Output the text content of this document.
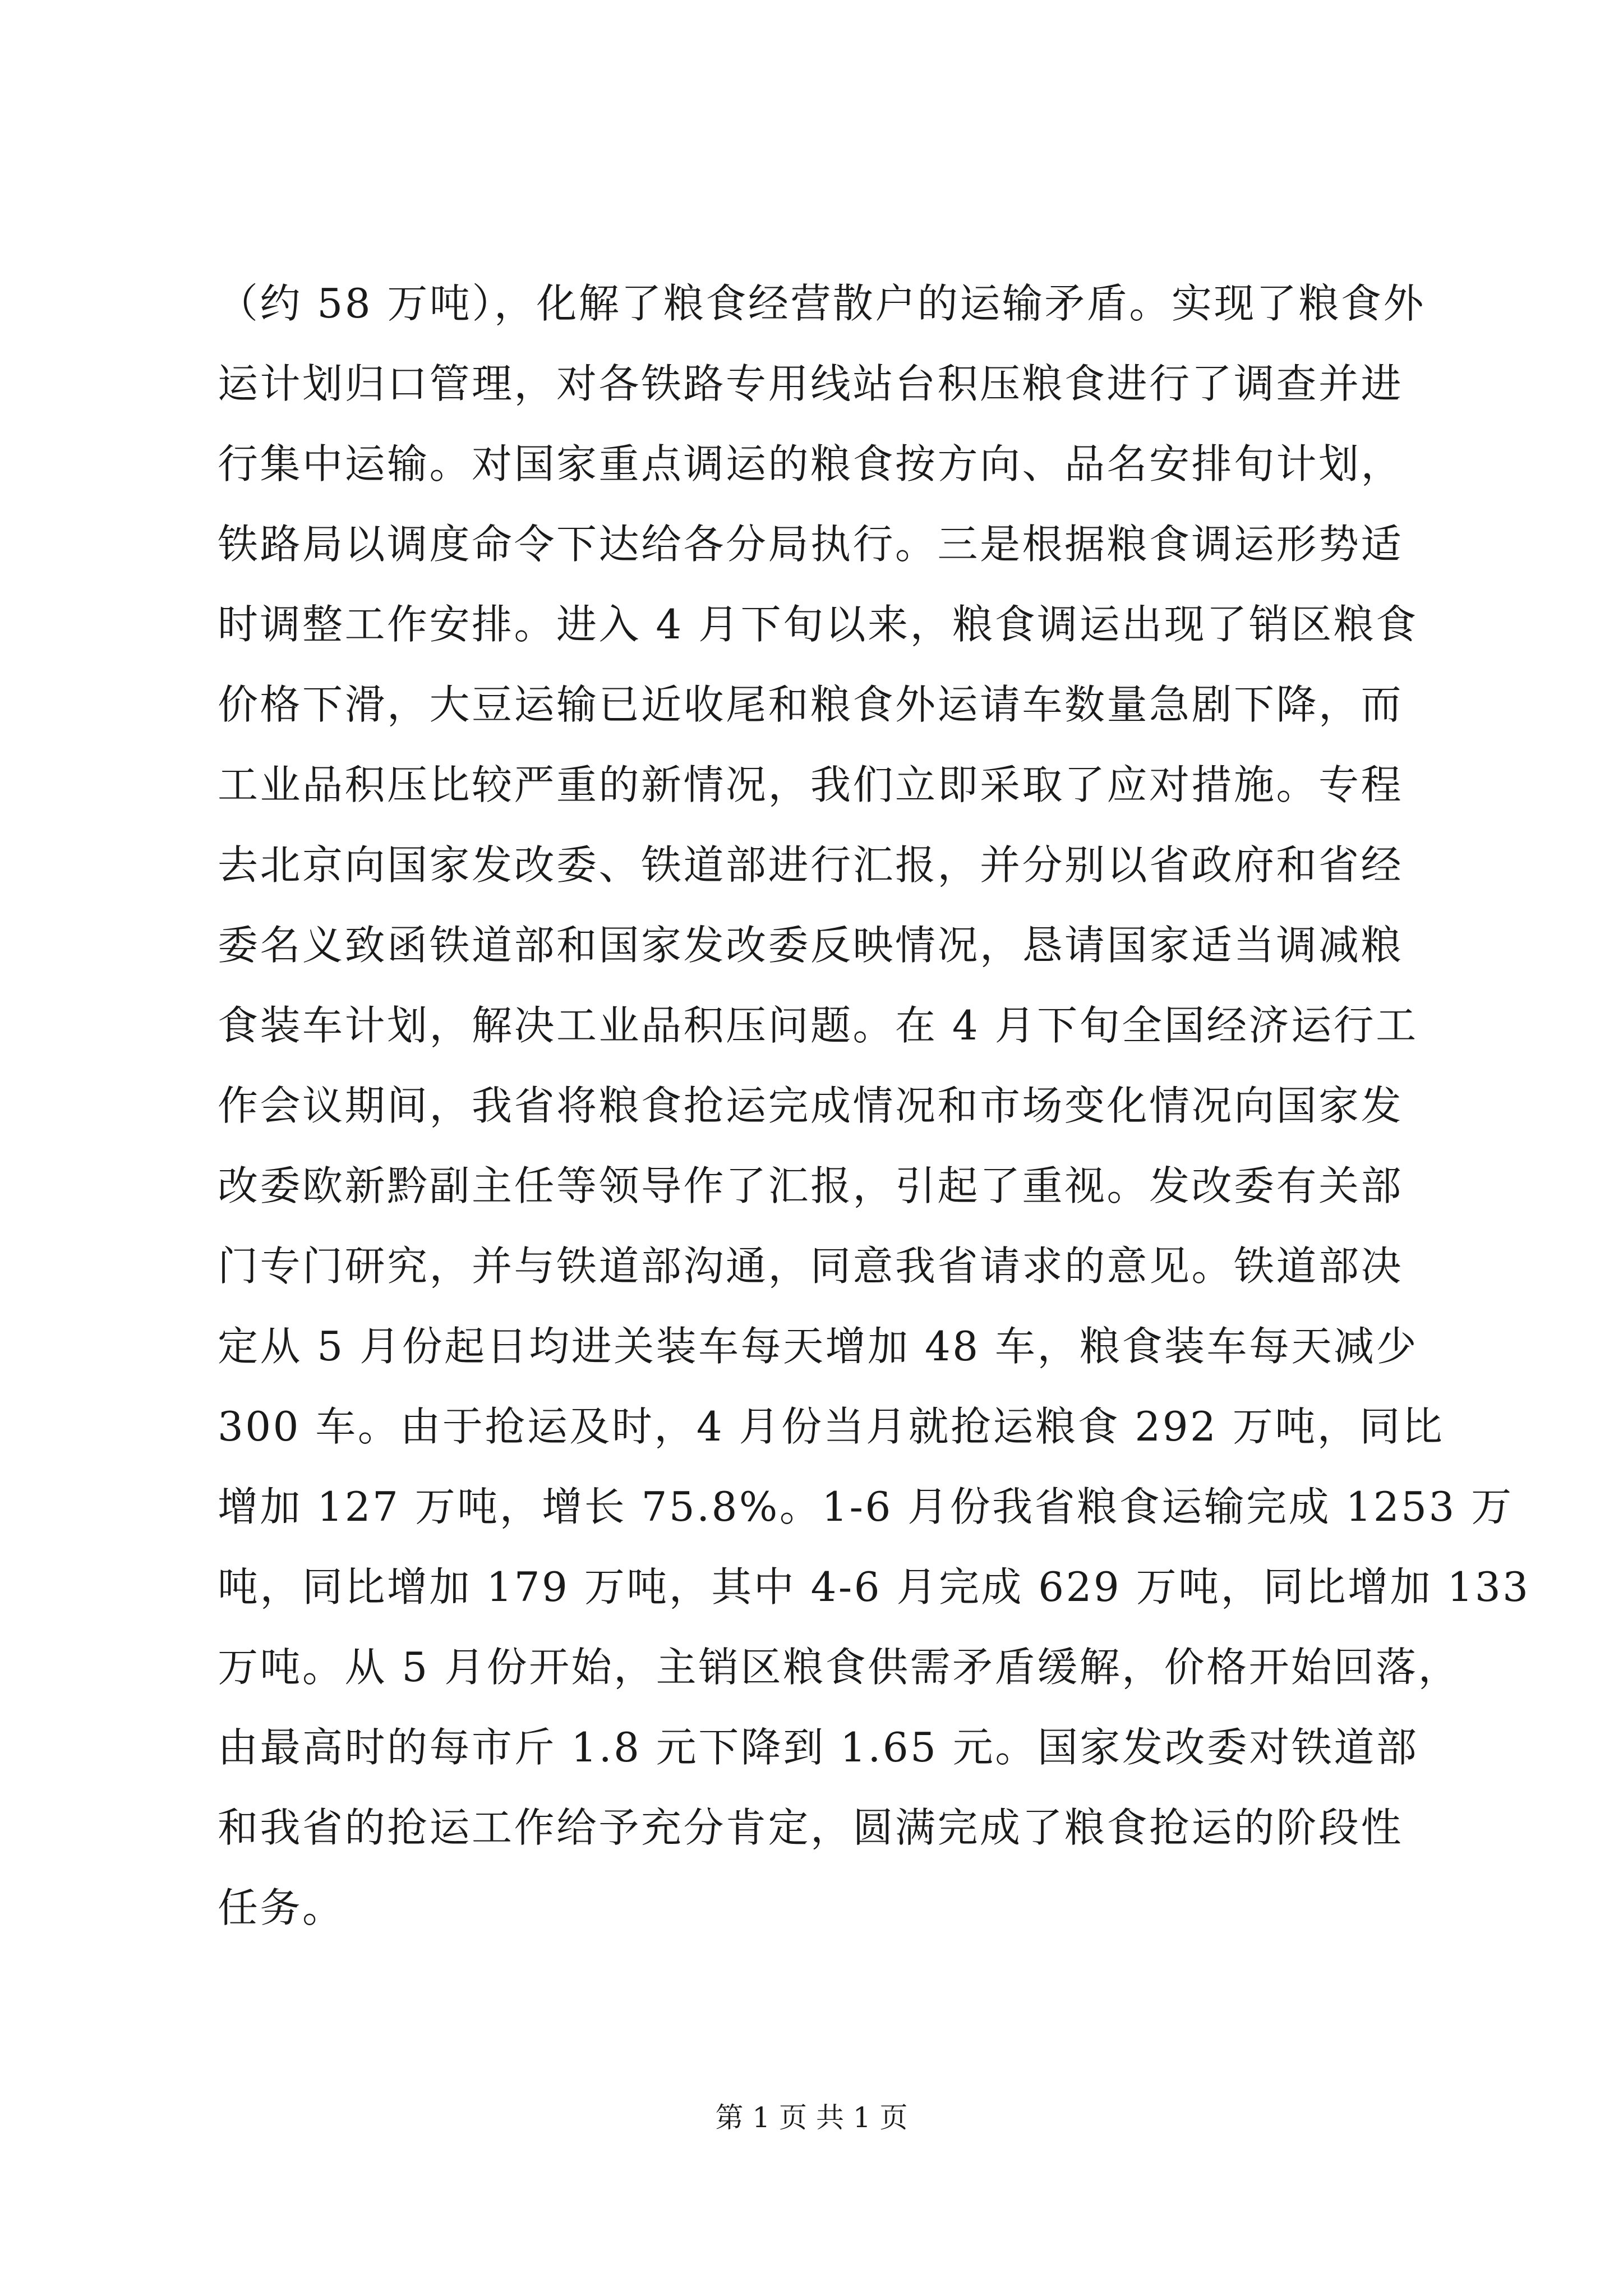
（约 58 万吨），化解了粮食经营散户的运输矛盾。实现了粮食外
运计划归口管理，对各铁路专用线站台积压粮食进行了调查并进
行集中运输。对国家重点调运的粮食按方向、品名安排旬计划，
铁路局以调度命令下达给各分局执行。三是根据粮食调运形势适
时调整工作安排。进入 4 月下旬以来，粮食调运出现了销区粮食
价格下滑，大豆运输已近收尾和粮食外运请车数量急剧下降，而
工业品积压比较严重的新情况，我们立即采取了应对措施。专程
去北京向国家发改委、铁道部进行汇报，并分别以省政府和省经
委名义致函铁道部和国家发改委反映情况，恳请国家适当调减粮
食装车计划，解决工业品积压问题。在 4 月下旬全国经济运行工
作会议期间，我省将粮食抢运完成情况和市场变化情况向国家发
改委欧新黔副主任等领导作了汇报，引起了重视。发改委有关部
门专门研究，并与铁道部沟通，同意我省请求的意见。铁道部决
定从 5 月份起日均进关装车每天增加 48 车，粮食装车每天减少
300 车。由于抢运及时，4 月份当月就抢运粮食 292 万吨，同比
增加 127 万吨，增长 75.8%。1-6 月份我省粮食运输完成 1253 万
吨，同比增加 179 万吨，其中 4-6 月完成 629 万吨，同比增加 133
万吨。从 5 月份开始，主销区粮食供需矛盾缓解，价格开始回落，
由最高时的每市斤 1.8 元下降到 1.65 元。国家发改委对铁道部
和我省的抢运工作给予充分肯定，圆满完成了粮食抢运的阶段性
任务。
第 1 页 共 1 页
